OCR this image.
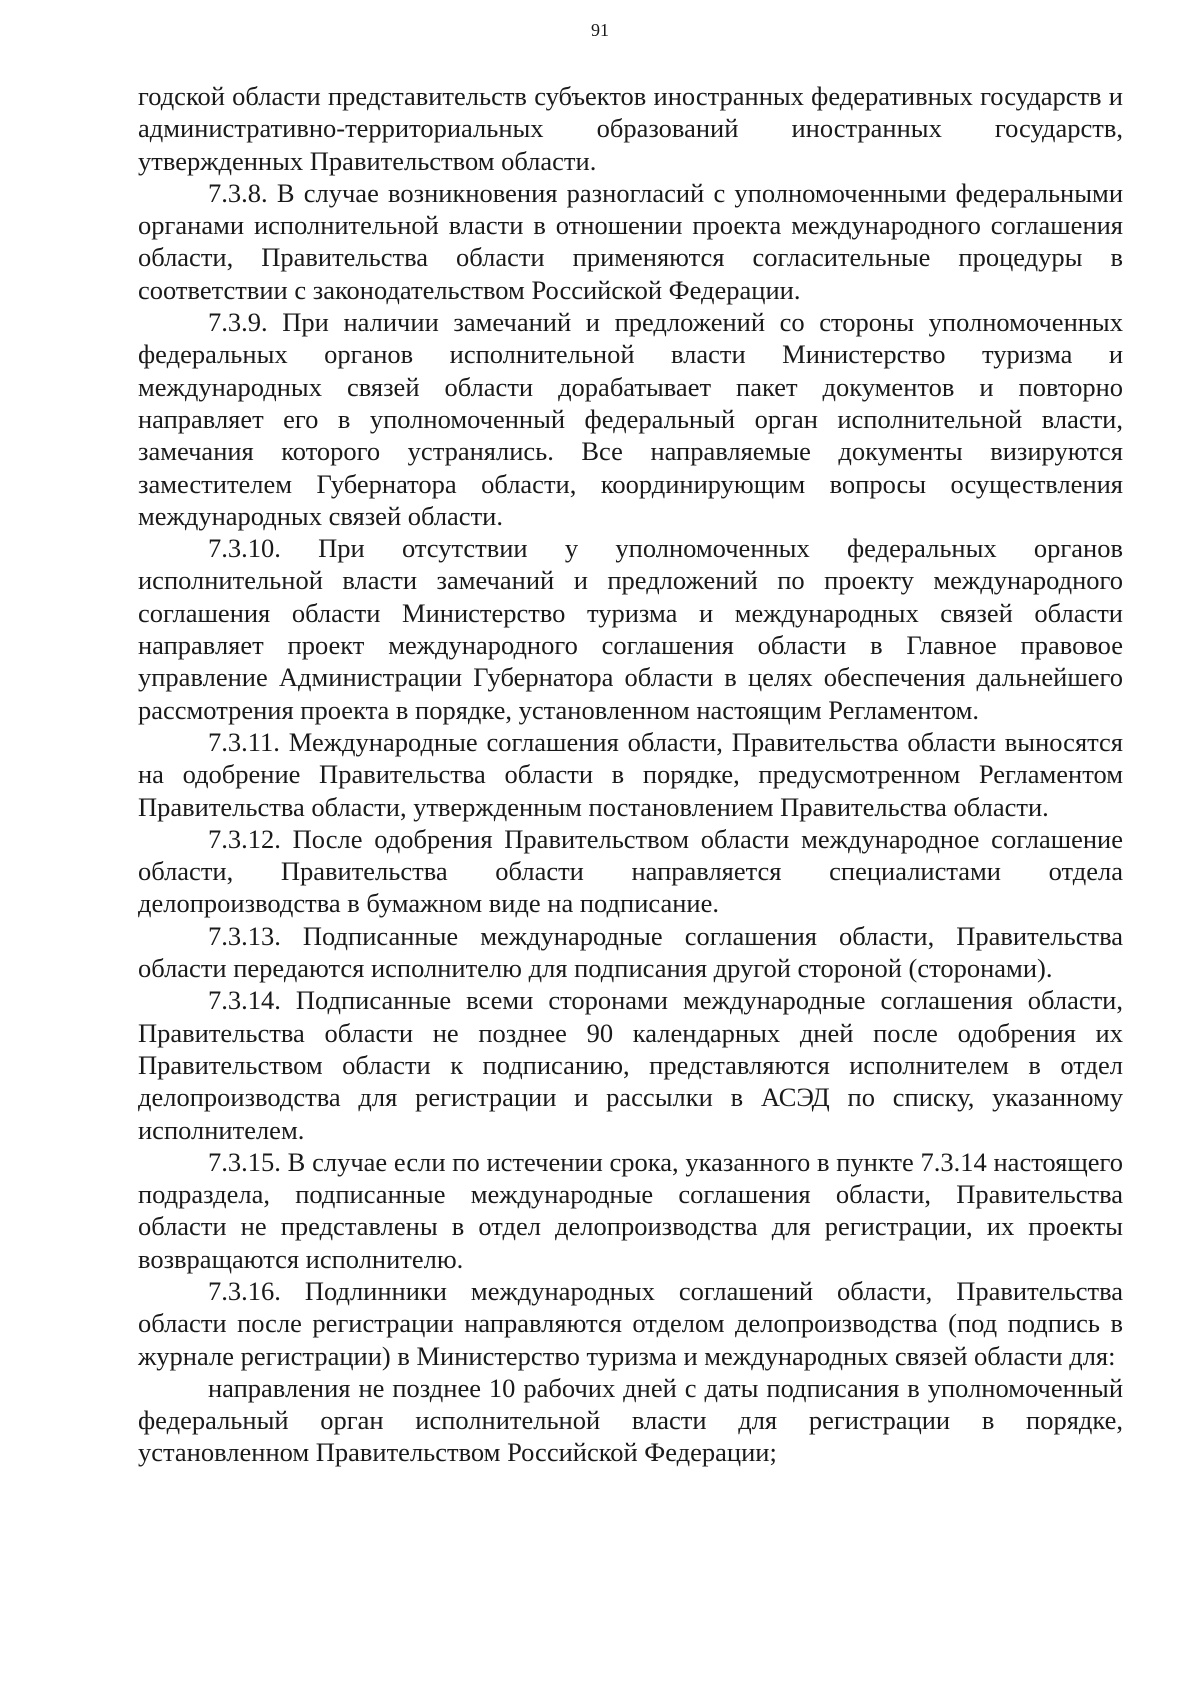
91

годской области представительств субъектов иностранных федеративных государств и административно-территориальных образований иностранных государств, утвержденных Правительством области.

7.3.8. В случае возникновения разногласий с уполномоченными федеральными органами исполнительной власти в отношении проекта международного соглашения области, Правительства области применяются согласительные процедуры в соответствии с законодательством Российской Федерации.

7.3.9. При наличии замечаний и предложений со стороны уполномоченных федеральных органов исполнительной власти Министерство туризма и международных связей области дорабатывает пакет документов и повторно направляет его в уполномоченный федеральный орган исполнительной власти, замечания которого устранялись. Все направляемые документы визируются заместителем Губернатора области, координирующим вопросы осуществления международных связей области.

7.3.10. При отсутствии у уполномоченных федеральных органов исполнительной власти замечаний и предложений по проекту международного соглашения области Министерство туризма и международных связей области направляет проект международного соглашения области в Главное правовое управление Администрации Губернатора области в целях обеспечения дальнейшего рассмотрения проекта в порядке, установленном настоящим Регламентом.

7.3.11. Международные соглашения области, Правительства области выносятся на одобрение Правительства области в порядке, предусмотренном Регламентом Правительства области, утвержденным постановлением Правительства области.

7.3.12. После одобрения Правительством области международное соглашение области, Правительства области направляется специалистами отдела делопроизводства в бумажном виде на подписание.

7.3.13. Подписанные международные соглашения области, Правительства области передаются исполнителю для подписания другой стороной (сторонами).

7.3.14. Подписанные всеми сторонами международные соглашения области, Правительства области не позднее 90 календарных дней после одобрения их Правительством области к подписанию, представляются исполнителем в отдел делопроизводства для регистрации и рассылки в АСЭД по списку, указанному исполнителем.

7.3.15. В случае если по истечении срока, указанного в пункте 7.3.14 настоящего подраздела, подписанные международные соглашения области, Правительства области не представлены в отдел делопроизводства для регистрации, их проекты возвращаются исполнителю.

7.3.16. Подлинники международных соглашений области, Правительства области после регистрации направляются отделом делопроизводства (под подпись в журнале регистрации) в Министерство туризма и международных связей области для:

направления не позднее 10 рабочих дней с даты подписания в уполномоченный федеральный орган исполнительной власти для регистрации в порядке, установленном Правительством Российской Федерации;
